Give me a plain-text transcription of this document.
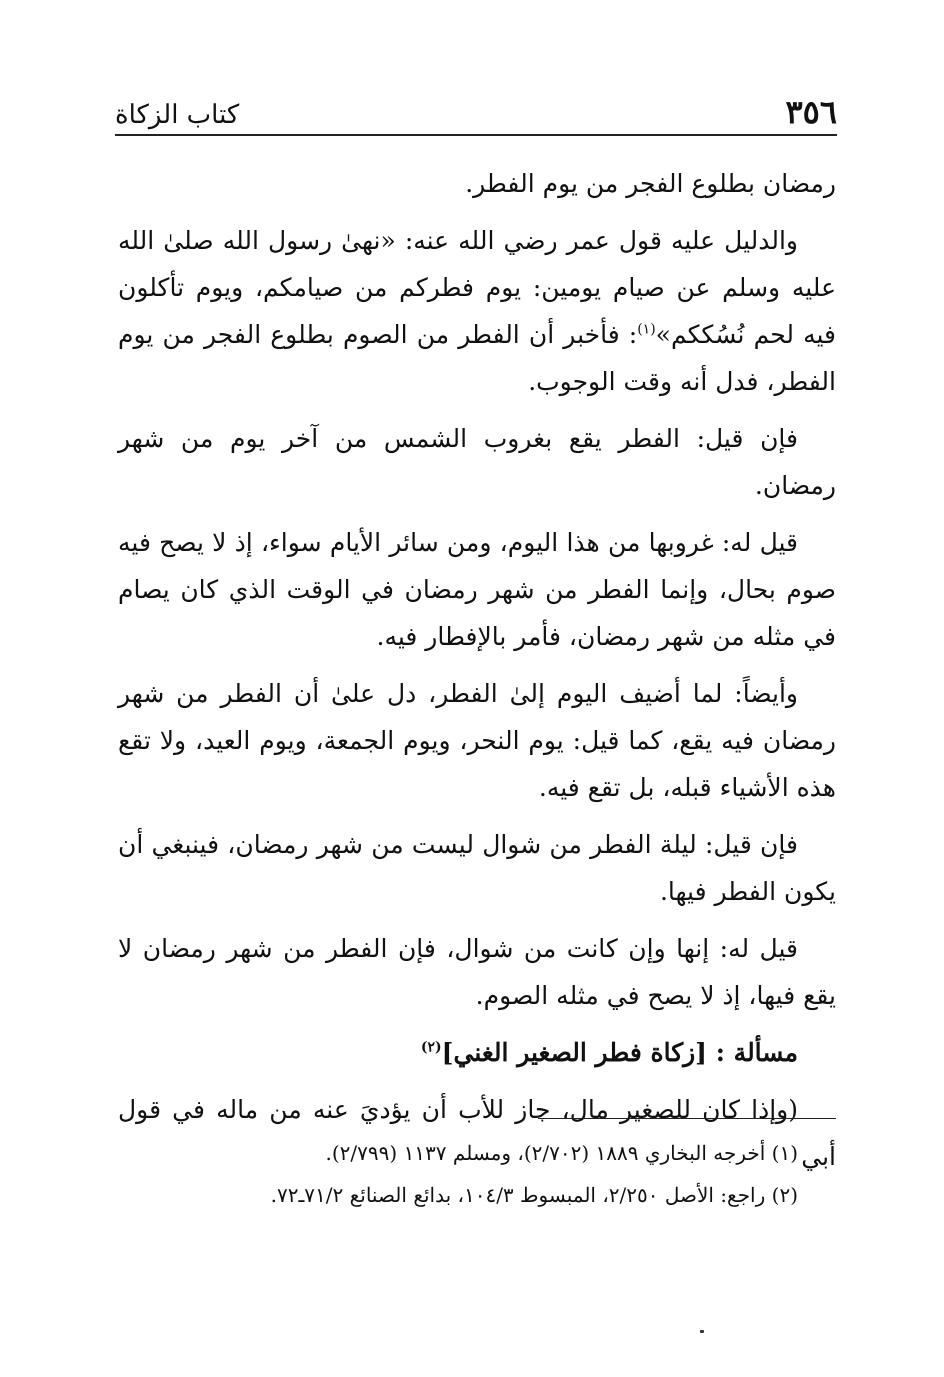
٣٥٦
كتاب الزكاة

رمضان بطلوع الفجر من يوم الفطر.

والدليل عليه قول عمر رضي الله عنه: «نهىٰ رسول الله صلىٰ الله عليه وسلم عن صيام يومين: يوم فطركم من صيامكم، ويوم تأكلون فيه لحم نُسُككم»$^{(١)}$: فأخبر أن الفطر من الصوم بطلوع الفجر من يوم الفطر، فدل أنه وقت الوجوب.

فإن قيل: الفطر يقع بغروب الشمس من آخر يوم من شهر رمضان.

قيل له: غروبها من هذا اليوم، ومن سائر الأيام سواء، إذ لا يصح فيه صوم بحال، وإنما الفطر من شهر رمضان في الوقت الذي كان يصام في مثله من شهر رمضان، فأمر بالإفطار فيه.

وأيضاً: لما أضيف اليوم إلىٰ الفطر، دل علىٰ أن الفطر من شهر رمضان فيه يقع، كما قيل: يوم النحر، ويوم الجمعة، ويوم العيد، ولا تقع هذه الأشياء قبله، بل تقع فيه.

فإن قيل: ليلة الفطر من شوال ليست من شهر رمضان، فينبغي أن يكون الفطر فيها.

قيل له: إنها وإن كانت من شوال، فإن الفطر من شهر رمضان لا يقع فيها، إذ لا يصح في مثله الصوم.

مسألة : [زكاة فطر الصغير الغني]$^{(٢)}$

(وإذا كان للصغير مال، جاز للأب أن يؤديَ عنه من ماله في قول أبي

(١) أخرجه البخاري ١٨٨٩ (٢/٧٠٢)، ومسلم ١١٣٧ (٢/٧٩٩).

(٢) راجع: الأصل ٢/٢٥٠، المبسوط ١٠٤/٣، بدائع الصنائع ٧١/٢ـ٧٢.
